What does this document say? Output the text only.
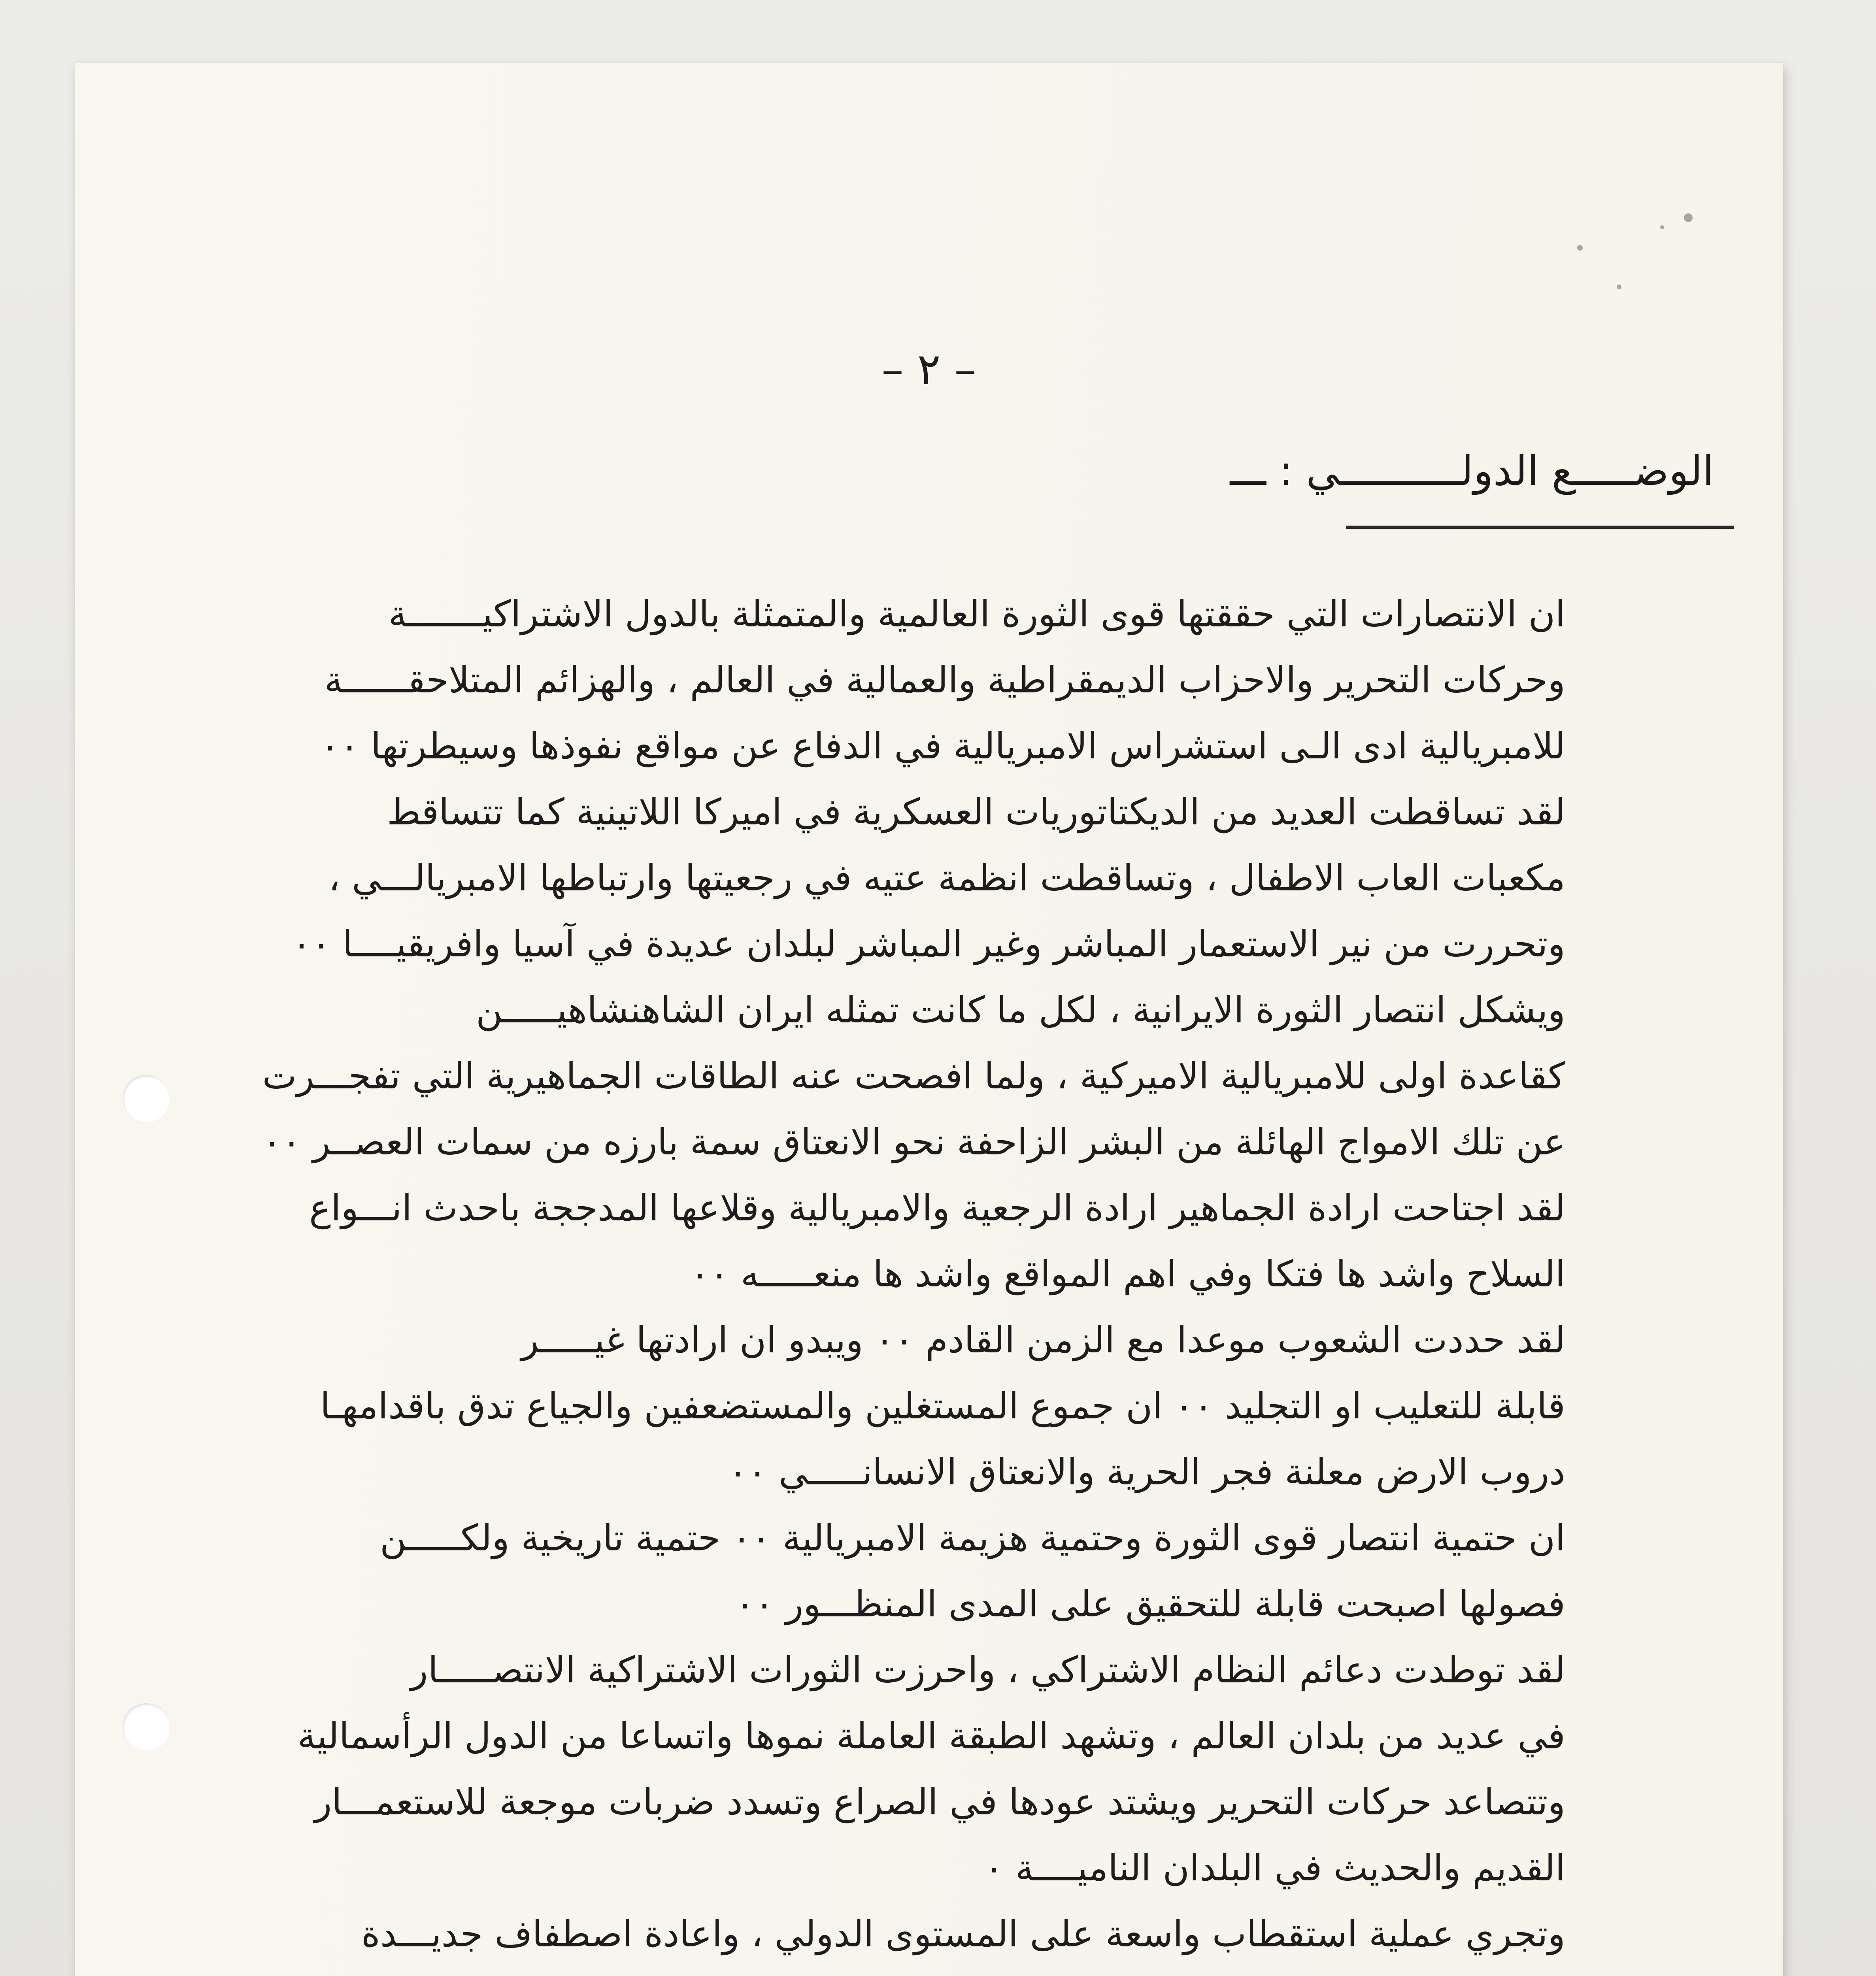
– ٢ –
الوضـــــع الدولــــــــــي : ـــ
ان الانتصارات التي حققتها قوى الثورة العالمية والمتمثلة بالدول الاشتراكيـــــــة
وحركات التحرير والاحزاب الديمقراطية والعمالية في العالم ، والهزائم المتلاحقــــــة
للامبريالية ادى الـى استشراس الامبريالية في الدفاع عن مواقع نفوذها وسيطرتها ٠٠
لقد تساقطت العديد من الديكتاتوريات العسكرية في اميركا اللاتينية كما تتساقط
مكعبات العاب الاطفال ، وتساقطت انظمة عتيه في رجعيتها وارتباطها الامبريالـــي ،
وتحررت من نير الاستعمار المباشر وغير المباشر لبلدان عديدة في آسيا وافريقيــــا ٠٠
ويشكل انتصار الثورة الايرانية ، لكل ما كانت تمثله ايران الشاهنشاهيـــــن
كقاعدة اولى للامبريالية الاميركية ، ولما افصحت عنه الطاقات الجماهيرية التي تفجـــرت
عن تلك الامواج الهائلة من البشر الزاحفة نحو الانعتاق سمة بارزه من سمات العصــر ٠٠
لقد اجتاحت ارادة الجماهير ارادة الرجعية والامبريالية وقلاعها المدججة باحدث انـــواع
السلاح واشد ها فتكا وفي اهم المواقع واشد ها منعـــــه ٠٠
لقد حددت الشعوب موعدا مع الزمن القادم ٠٠ ويبدو ان ارادتها غيـــــر
قابلة للتعليب او التجليد ٠٠ ان جموع المستغلين والمستضعفين والجياع تدق باقدامهـا
دروب الارض معلنة فجر الحرية والانعتاق الانسانـــــي ٠٠
ان حتمية انتصار قوى الثورة وحتمية هزيمة الامبريالية ٠٠ حتمية تاريخية ولكـــــن
فصولها اصبحت قابلة للتحقيق على المدى المنظـــور ٠٠
لقد توطدت دعائم النظام الاشتراكي ، واحرزت الثورات الاشتراكية الانتصـــــار
في عديد من بلدان العالم ، وتشهد الطبقة العاملة نموها واتساعا من الدول الرأسمالية
وتتصاعد حركات التحرير ويشتد عودها في الصراع وتسدد ضربات موجعة للاستعمـــار
القديم والحديث في البلدان الناميــــة ٠
وتجري عملية استقطاب واسعة على المستوى الدولي ، واعادة اصطفاف جديـــدة
